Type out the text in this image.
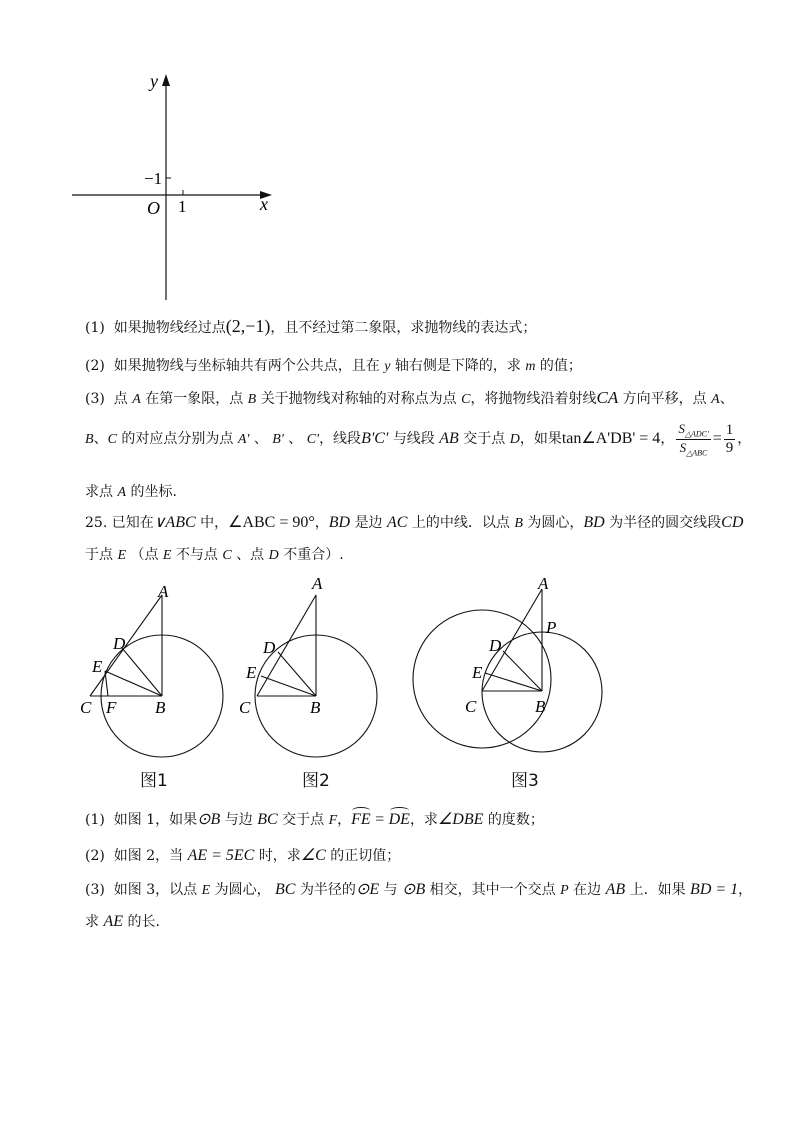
y
x
O
−1
1
(1) 如果抛物线经过点(2,−1)，且不经过第二象限，求抛物线的表达式；
(2) 如果抛物线与坐标轴共有两个公共点，且在 y 轴右侧是下降的，求 m 的值；
(3) 点 A 在第一象限，点 B 关于抛物线对称轴的对称点为点 C，将抛物线沿着射线CA 方向平移，点 A、
B、C 的对应点分别为点 A' 、 B' 、 C'，线段B'C' 与线段 AB 交于点 D，如果tan∠A'DB' = 4， $\frac{S_{\triangle ADC'}}{S_{\triangle ABC}} = \frac{1}{9}$ ，
求点 A 的坐标.
25. 已知在∨ABC 中，∠ABC = 90°，BD 是边 AC 上的中线．以点 B 为圆心，BD 为半径的圆交线段CD
于点 E （点 E 不与点 C 、点 D 不重合）.
A
D
E
C F B
A
D
E
C	B
A
P
D
E
C	B
图1	图2	图3
(1) 如图 1，如果⊙B 与边 BC 交于点 F，FE = DE，求∠DBE 的度数；
(2) 如图 2，当 AE = 5EC 时，求∠C 的正切值；
(3) 如图 3，以点 E 为圆心， BC 为半径的⊙E 与 ⊙B 相交，其中一个交点 P 在边 AB 上．如果 BD = 1，
求 AE 的长.
